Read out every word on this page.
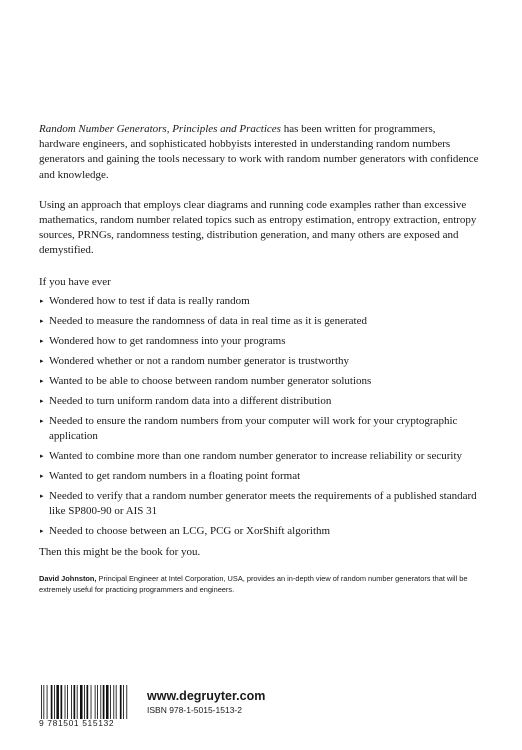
Random Number Generators, Principles and Practices has been written for programmers, hardware engineers, and sophisticated hobbyists interested in understanding random numbers generators and gaining the tools necessary to work with random number generators with confidence and knowledge.

Using an approach that employs clear diagrams and running code examples rather than excessive mathematics, random number related topics such as entropy estimation, entropy extraction, entropy sources, PRNGs, randomness testing, distribution generation, and many others are exposed and demystified.

If you have ever

▸ Wondered how to test if data is really random
▸ Needed to measure the randomness of data in real time as it is generated
▸ Wondered how to get randomness into your programs
▸ Wondered whether or not a random number generator is trustworthy
▸ Wanted to be able to choose between random number generator solutions
▸ Needed to turn uniform random data into a different distribution
▸ Needed to ensure the random numbers from your computer will work for your cryptographic application
▸ Wanted to combine more than one random number generator to increase reliability or security
▸ Wanted to get random numbers in a floating point format
▸ Needed to verify that a random number generator meets the requirements of a published standard like SP800-90 or AIS 31
▸ Needed to choose between an LCG, PCG or XorShift algorithm

Then this might be the book for you.

David Johnston, Principal Engineer at Intel Corporation, USA, provides an in-depth view of random number generators that will be extremely useful for practicing programmers and engineers.

9 781501 515132
www.degruyter.com
ISBN 978-1-5015-1513-2
